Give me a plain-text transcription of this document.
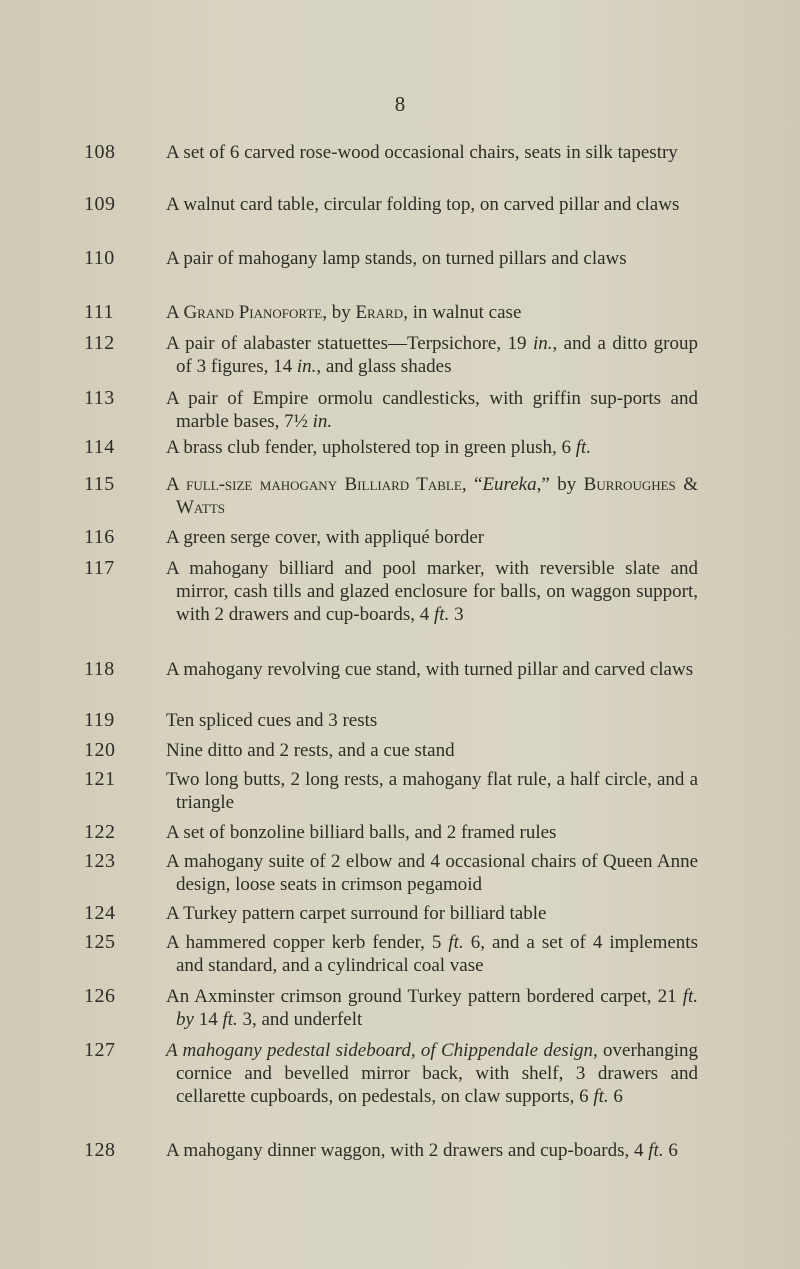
8
108	A set of 6 carved rose-wood occasional chairs, seats in silk tapestry
109	A walnut card table, circular folding top, on carved pillar and claws
110	A pair of mahogany lamp stands, on turned pillars and claws
111	A Grand Pianoforte, by Erard, in walnut case
112	A pair of alabaster statuettes—Terpsichore, 19 in., and a ditto group of 3 figures, 14 in., and glass shades
113	A pair of Empire ormolu candlesticks, with griffin sup-ports and marble bases, 7½ in.
114	A brass club fender, upholstered top in green plush, 6 ft.
115	A full-size mahogany Billiard Table, “Eureka,” by Burroughes & Watts
116	A green serge cover, with appliqué border
117	A mahogany billiard and pool marker, with reversible slate and mirror, cash tills and glazed enclosure for balls, on waggon support, with 2 drawers and cup-boards, 4 ft. 3
118	A mahogany revolving cue stand, with turned pillar and carved claws
119	Ten spliced cues and 3 rests
120	Nine ditto and 2 rests, and a cue stand
121	Two long butts, 2 long rests, a mahogany flat rule, a half circle, and a triangle
122	A set of bonzoline billiard balls, and 2 framed rules
123	A mahogany suite of 2 elbow and 4 occasional chairs of Queen Anne design, loose seats in crimson pegamoid
124	A Turkey pattern carpet surround for billiard table
125	A hammered copper kerb fender, 5 ft. 6, and a set of 4 implements and standard, and a cylindrical coal vase
126	An Axminster crimson ground Turkey pattern bordered carpet, 21 ft. by 14 ft. 3, and underfelt
127	A mahogany pedestal sideboard, of Chippendale design, overhanging cornice and bevelled mirror back, with shelf, 3 drawers and cellarette cupboards, on pedestals, on claw supports, 6 ft. 6
128	A mahogany dinner waggon, with 2 drawers and cup-boards, 4 ft. 6
